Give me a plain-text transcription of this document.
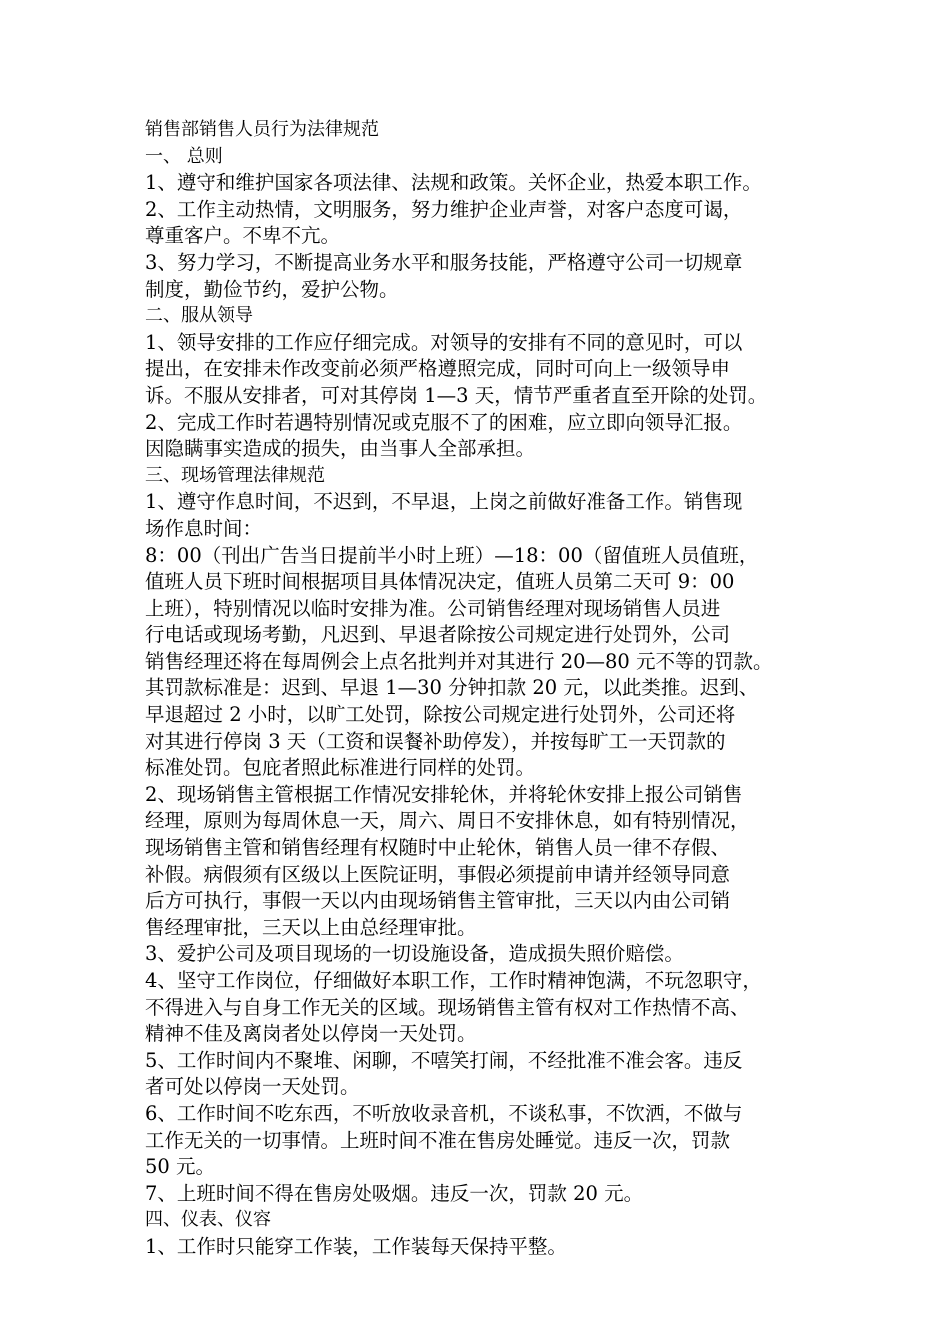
销售部销售人员行为法律规范
一、 总则
1、遵守和维护国家各项法律、法规和政策。关怀企业，热爱本职工作。
2、工作主动热情，文明服务，努力维护企业声誉，对客户态度可谒，
尊重客户。不卑不亢。
3、努力学习，不断提高业务水平和服务技能，严格遵守公司一切规章
制度，勤俭节约，爱护公物。
二、服从领导
1、领导安排的工作应仔细完成。对领导的安排有不同的意见时，可以
提出，在安排未作改变前必须严格遵照完成，同时可向上一级领导申
诉。不服从安排者，可对其停岗 1—3 天，情节严重者直至开除的处罚。
2、完成工作时若遇特别情况或克服不了的困难，应立即向领导汇报。
因隐瞒事实造成的损失，由当事人全部承担。
三、现场管理法律规范
1、遵守作息时间，不迟到，不早退，上岗之前做好准备工作。销售现
场作息时间：
8：00（刊出广告当日提前半小时上班）—18：00（留值班人员值班，
值班人员下班时间根据项目具体情况决定，值班人员第二天可 9：00
上班），特别情况以临时安排为准。公司销售经理对现场销售人员进
行电话或现场考勤，凡迟到、早退者除按公司规定进行处罚外，公司
销售经理还将在每周例会上点名批判并对其进行 20—80 元不等的罚款。
其罚款标准是：迟到、早退 1—30 分钟扣款 20 元，以此类推。迟到、
早退超过 2 小时，以旷工处罚，除按公司规定进行处罚外，公司还将
对其进行停岗 3 天（工资和误餐补助停发），并按每旷工一天罚款的
标准处罚。包庇者照此标准进行同样的处罚。
2、现场销售主管根据工作情况安排轮休，并将轮休安排上报公司销售
经理，原则为每周休息一天，周六、周日不安排休息，如有特别情况，
现场销售主管和销售经理有权随时中止轮休，销售人员一律不存假、
补假。病假须有区级以上医院证明，事假必须提前申请并经领导同意
后方可执行，事假一天以内由现场销售主管审批，三天以内由公司销
售经理审批，三天以上由总经理审批。
3、爱护公司及项目现场的一切设施设备，造成损失照价赔偿。
4、坚守工作岗位，仔细做好本职工作，工作时精神饱满，不玩忽职守，
不得进入与自身工作无关的区域。现场销售主管有权对工作热情不高、
精神不佳及离岗者处以停岗一天处罚。
5、工作时间内不聚堆、闲聊，不嘻笑打闹，不经批准不准会客。违反
者可处以停岗一天处罚。
6、工作时间不吃东西，不听放收录音机，不谈私事，不饮洒，不做与
工作无关的一切事情。上班时间不准在售房处睡觉。违反一次，罚款
50 元。
7、上班时间不得在售房处吸烟。违反一次，罚款 20 元。
四、仪表、仪容
1、工作时只能穿工作装，工作装每天保持平整。
